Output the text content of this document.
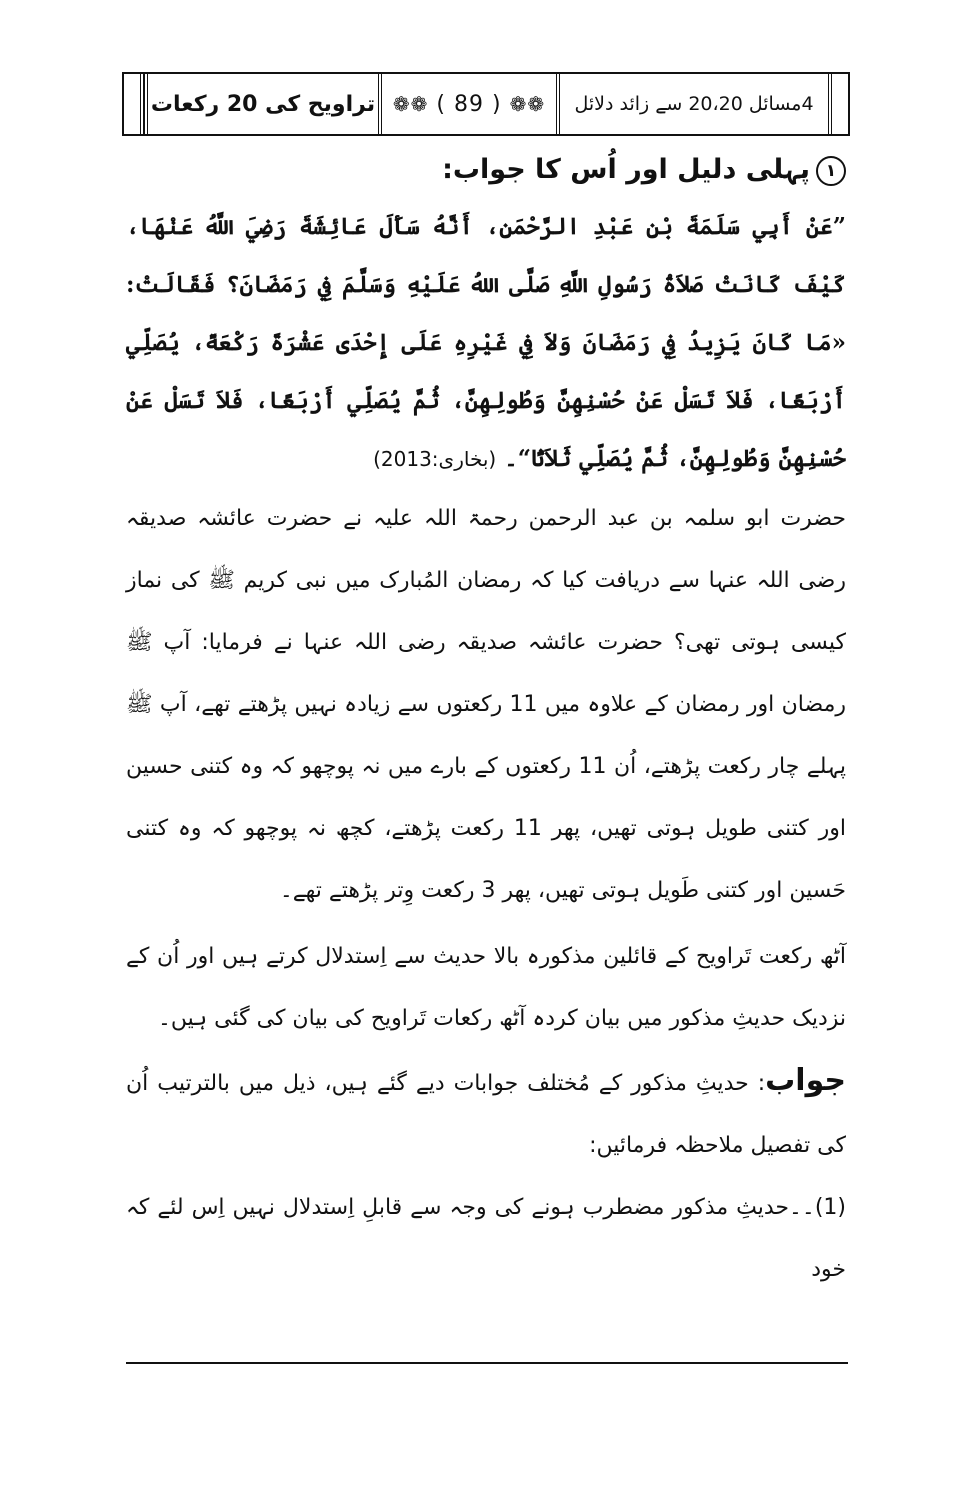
تراویح کی 20 رکعات ❁❁ ( 89 ) ❁❁	4مسائل 20،20 سے زائد دلائل
١پہلی دلیل اور اُس کا جواب:

”عَنْ أَبِي سَلَمَةَ بْنِ عَبْدِ الرَّحْمَنِ، أَنَّهُ سَأَلَ عَائِشَةَ رَضِيَ اللَّهُ عَنْهَا، كَيْفَ كَانَتْ صَلاَةُ رَسُولِ اللَّهِ صَلَّى اللهُ عَلَيْهِ وَسَلَّمَ فِي رَمَضَانَ؟ فَقَالَتْ: «مَا كَانَ يَزِيدُ فِي رَمَضَانَ وَلاَ فِي غَيْرِهِ عَلَى إِحْدَى عَشْرَةَ رَكْعَةً، يُصَلِّي أَرْبَعًا، فَلاَ تَسَلْ عَنْ حُسْنِهِنَّ وَطُولِهِنَّ، ثُمَّ يُصَلِّي أَرْبَعًا، فَلاَ تَسَلْ عَنْ حُسْنِهِنَّ وَطُولِهِنَّ، ثُمَّ يُصَلِّي ثَلاَثًا“۔ (بخاری:2013)

حضرت ابو سلمہ بن عبد الرحمن رحمۃ اللہ علیہ نے حضرت عائشہ صدیقہ رضی اللہ عنہا سے دریافت کیا کہ رمضان المُبارک میں نبی کریم ﷺ کی نماز کیسی ہوتی تھی؟ حضرت عائشہ صدیقہ رضی اللہ عنہا نے فرمایا: آپ ﷺ رمضان اور رمضان کے علاوہ میں 11 رکعتوں سے زیادہ نہیں پڑھتے تھے، آپ ﷺ پہلے چار رکعت پڑھتے، اُن 11 رکعتوں کے بارے میں نہ پوچھو کہ وہ کتنی حسین اور کتنی طویل ہوتی تھیں، پھر 11 رکعت پڑھتے، کچھ نہ پوچھو کہ وہ کتنی حَسین اور کتنی طَویل ہوتی تھیں، پھر 3 رکعت وِتر پڑھتے تھے۔

آٹھ رکعت تَراویح کے قائلین مذکورہ بالا حدیث سے اِستدلال کرتے ہیں اور اُن کے نزدیک حدیثِ مذکور میں بیان کردہ آٹھ رکعات تَراویح کی بیان کی گئی ہیں۔

جواب: حدیثِ مذکور کے مُختلف جوابات دیے گئے ہیں، ذیل میں بالترتیب اُن کی تفصیل ملاحظہ فرمائیں:

(1)۔۔حدیثِ مذکور مضطرب ہونے کی وجہ سے قابلِ اِستدلال نہیں اِس لئے کہ خود
